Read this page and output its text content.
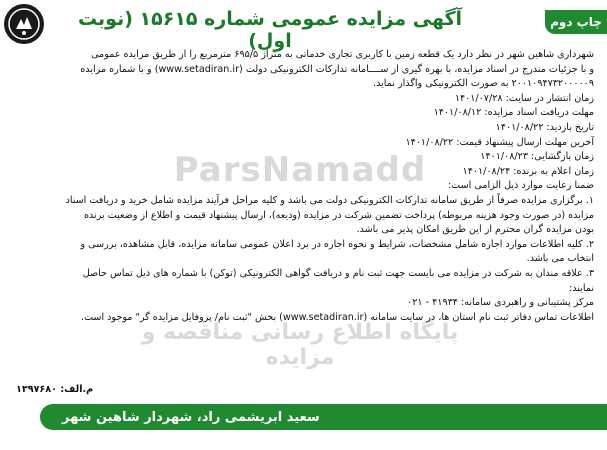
ParsNamadd
پایگاه اطلاع رسانی مناقصه و مزایده
آگهی مزایده عمومی شماره ۱۵۶۱۵ (نوبت اول)
چاپ دوم

شهرداری شاهین شهر در نظر دارد یک قطعه زمین با کاربری تجاری خدماتی به متراژ ۶۹۵/۵ مترمربع را از طریق مزایده عمومی

و با جزئیات مندرج در اسناد مزایده، با بهره گیری از ســــامانه تدارکات الکترونیکی دولت (www.setadiran.ir) و با شماره مزایده

۲۰۰۱۰۹۴۷۳۲۰۰۰۰۰۹ به صورت الکترونیکی واگذار نماید.

زمان انتشار در سایت: ۱۴۰۱/۰۷/۲۸

مهلت دریافت اسناد مزایده: ۱۴۰۱/۰۸/۱۲

تاریخ بازدید: ۱۴۰۱/۰۸/۲۲

آخرین مهلت ارسال پیشنهاد قیمت: ۱۴۰۱/۰۸/۲۲

زمان بازگشایی: ۱۴۰۱/۰۸/۲۳

زمان اعلام به برنده: ۱۴۰۱/۰۸/۲۴

ضمنا رعایت موارد ذیل الزامی است:

۱. برگزاری مزایده صرفاً از طریق سامانه تدارکات الکترونیکی دولت می باشد و کلیه مراحل فرآیند مزایده شامل خرید و دریافت اسناد

مزایده (در صورت وجود هزینه مربوطه) پرداخت تضمین شرکت در مزایده (ودیعه)، ارسال پیشنهاد قیمت و اطلاع از وضعیت برنده

بودن مزایده گران محترم از این طریق امکان پذیر می باشد.

۲. کلیه اطلاعات موارد اجاره شامل مشخصات، شرایط و نحوه اجاره در برد اعلان عمومی سامانه مزایده، قابل مشاهده، بررسی و

انتخاب می باشد.

۳. علاقه مندان به شرکت در مزایده می بایست جهت ثبت نام و دریافت گواهی الکترونیکی (توکن) با شماره های ذیل تماس حاصل

نمایند:

مرکز پشتیبانی و راهبردی سامانه: ۴۱۹۳۴ - ۰۲۱

اطلاعات تماس دفاتر ثبت نام استان ها، در سایت سامانه (www.setadiran.ir) بخش "ثبت نام/ پروفایل مزایده گر" موجود است.

م.الف: ۱۳۹۷۶۸۰
سعید ابریشمی راد، شهردار شاهین شهر
